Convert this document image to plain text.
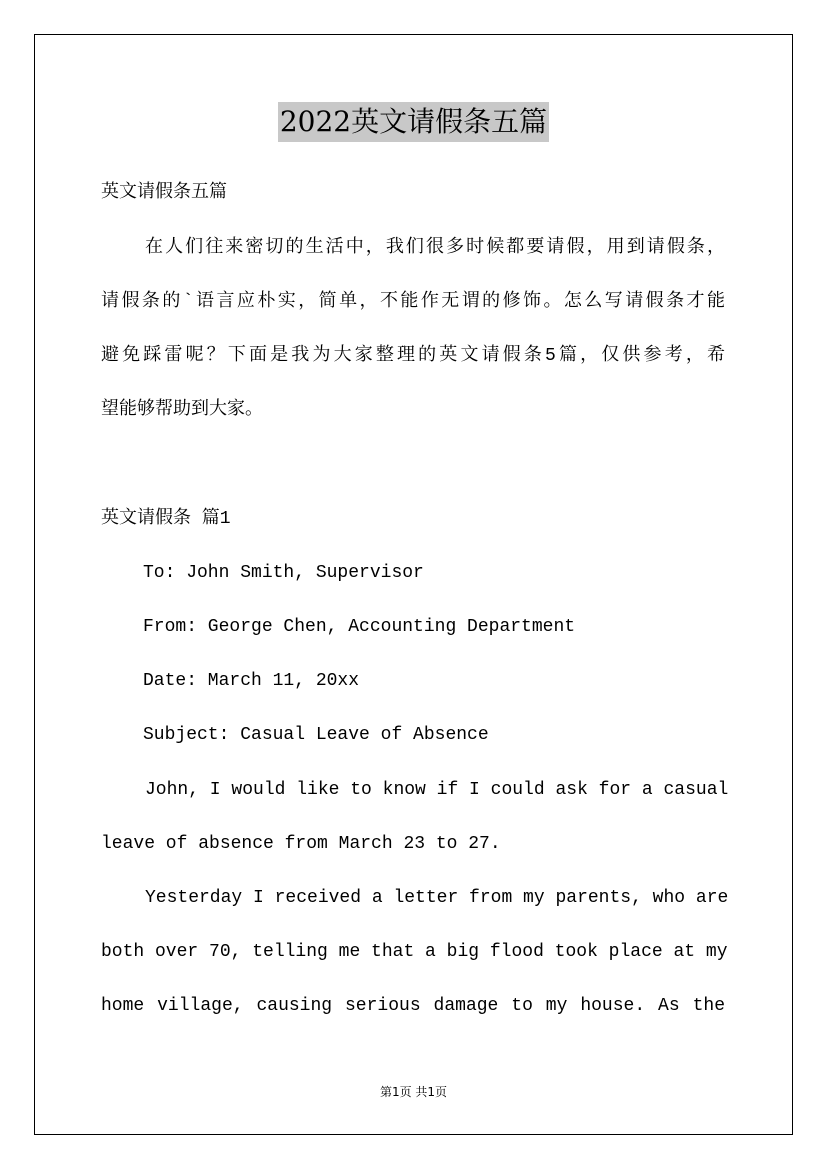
2022英文请假条五篇
英文请假条五篇
在人们往来密切的生活中，我们很多时候都要请假，用到请假条，
请假条的`语言应朴实，简单，不能作无谓的修饰。怎么写请假条才能
避免踩雷呢？下面是我为大家整理的英文请假条5篇，仅供参考，希
望能够帮助到大家。
英文请假条 篇1
To: John Smith, Supervisor
From: George Chen, Accounting Department
Date: March 11, 20xx
Subject: Casual Leave of Absence
John, I would like to know if I could ask for a casual
leave of absence from March 23 to 27.
Yesterday I received a letter from my parents, who are
both over 70, telling me that a big flood took place at my
home village, causing serious damage to my house. As the
第1页 共1页
